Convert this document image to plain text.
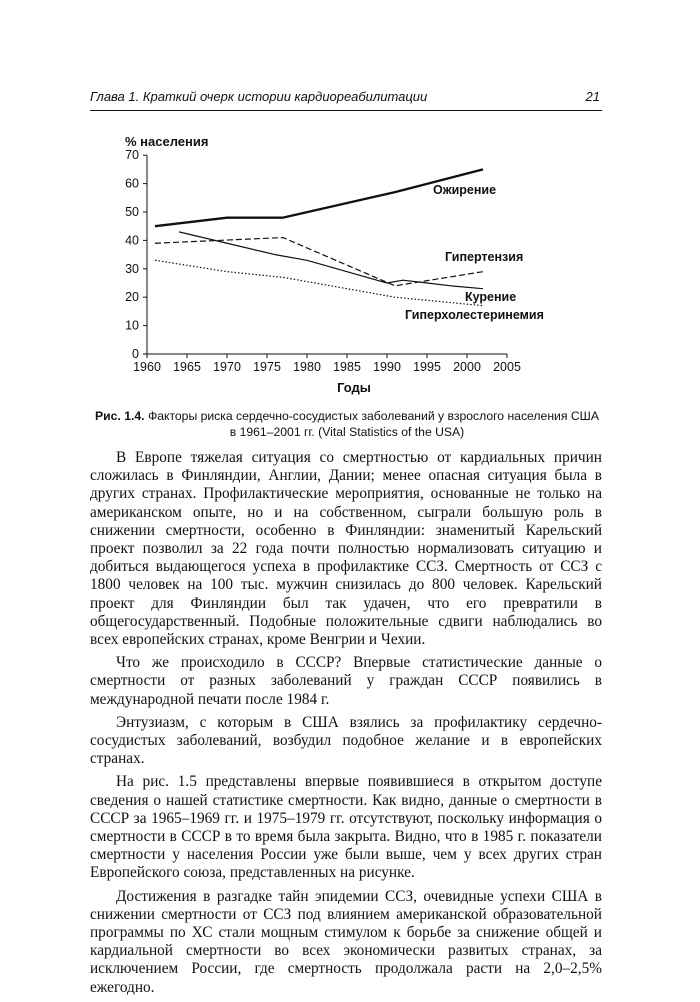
Глава 1. Краткий очерк истории кардиореабилитации	21
% населения
Годы
1960 1965 1970 1975 1980 1985 1990 1995 2000 2005
0
10
20
30
40
50
60
70
Ожирение
Гипертензия
Курение
Гиперхолестеринемия
Рис. 1.4. Факторы риска сердечно-сосудистых заболеваний у взрослого населения США в 1961–2001 гг. (Vital Statistics of the USA)

В Европе тяжелая ситуация со смертностью от кардиальных причин сложилась в Финляндии, Англии, Дании; менее опасная ситуация была в других странах. Профилактические мероприятия, основанные не только на американском опыте, но и на собственном, сыграли большую роль в снижении смертности, особенно в Финляндии: знаменитый Карельский проект позволил за 22 года почти полностью нормализовать ситуацию и добиться выдающегося успеха в профилактике ССЗ. Смертность от ССЗ с 1800 человек на 100 тыс. мужчин снизилась до 800 человек. Карельский проект для Финляндии был так удачен, что его превратили в общегосударственный. Подобные положительные сдвиги наблюдались во всех европейских странах, кроме Венгрии и Чехии.

Что же происходило в СССР? Впервые статистические данные о смертности от разных заболеваний у граждан СССР появились в международной печати после 1984 г.

Энтузиазм, с которым в США взялись за профилактику сердечно-сосудистых заболеваний, возбудил подобное желание и в европейских странах.

На рис. 1.5 представлены впервые появившиеся в открытом доступе сведения о нашей статистике смертности. Как видно, данные о смертности в СССР за 1965–1969 гг. и 1975–1979 гг. отсутствуют, поскольку информация о смертности в СССР в то время была закрыта. Видно, что в 1985 г. показатели смертности у населения России уже были выше, чем у всех других стран Европейского союза, представленных на рисунке.

Достижения в разгадке тайн эпидемии ССЗ, очевидные успехи США в снижении смертности от ССЗ под влиянием американской образовательной программы по ХС стали мощным стимулом к борьбе за снижение общей и кардиальной смертности во всех экономически развитых странах, за исключением России, где смертность продолжала расти на 2,0–2,5% ежегодно.
